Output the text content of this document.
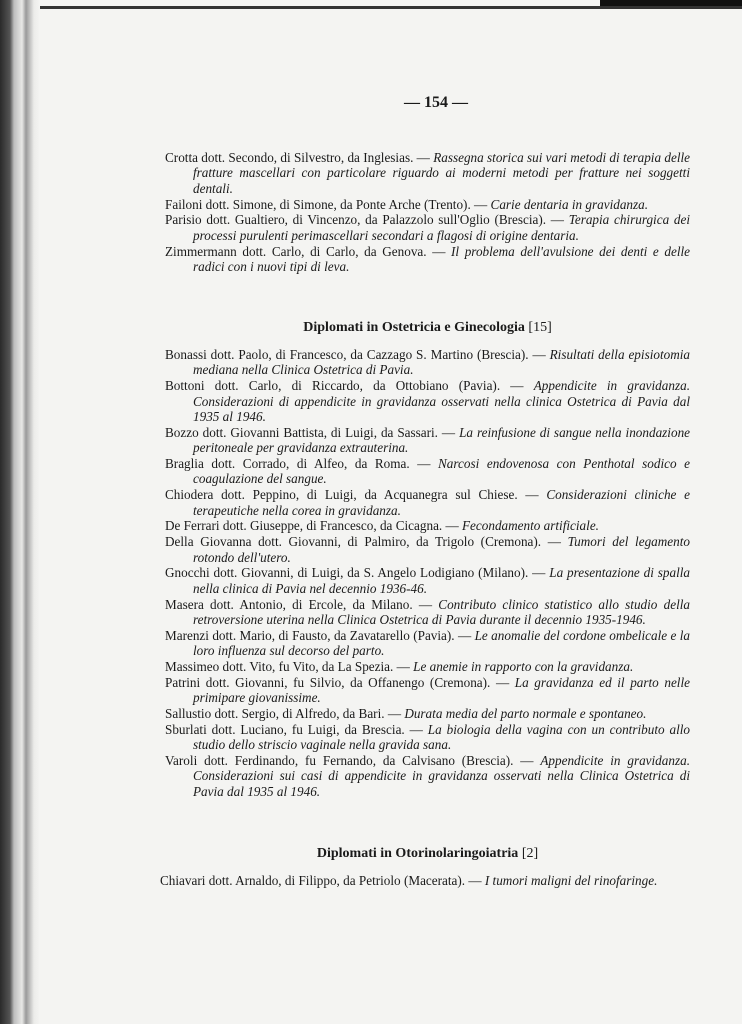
— 154 —
Crotta dott. Secondo, di Silvestro, da Inglesias. — Rassegna storica sui vari metodi di terapia delle fratture mascellari con particolare riguardo ai moderni metodi per fratture nei soggetti dentali.
Failoni dott. Simone, di Simone, da Ponte Arche (Trento). — Carie dentaria in gravidanza.
Parisio dott. Gualtiero, di Vincenzo, da Palazzolo sull'Oglio (Brescia). — Terapia chirurgica dei processi purulenti perimascellari secondari a flagosi di origine dentaria.
Zimmermann dott. Carlo, di Carlo, da Genova. — Il problema dell'avulsione dei denti e delle radici con i nuovi tipi di leva.
Diplomati in Ostetricia e Ginecologia [15]
Bonassi dott. Paolo, di Francesco, da Cazzago S. Martino (Brescia). — Risultati della episiotomia mediana nella Clinica Ostetrica di Pavia.
Bottoni dott. Carlo, di Riccardo, da Ottobiano (Pavia). — Appendicite in gravidanza. Considerazioni di appendicite in gravidanza osservati nella clinica Ostetrica di Pavia dal 1935 al 1946.
Bozzo dott. Giovanni Battista, di Luigi, da Sassari. — La reinfusione di sangue nella inondazione peritoneale per gravidanza extrauterina.
Braglia dott. Corrado, di Alfeo, da Roma. — Narcosi endovenosa con Penthotal sodico e coagulazione del sangue.
Chiodera dott. Peppino, di Luigi, da Acquanegra sul Chiese. — Considerazioni cliniche e terapeutiche nella corea in gravidanza.
De Ferrari dott. Giuseppe, di Francesco, da Cicagna. — Fecondamento artificiale.
Della Giovanna dott. Giovanni, di Palmiro, da Trigolo (Cremona). — Tumori del legamento rotondo dell'utero.
Gnocchi dott. Giovanni, di Luigi, da S. Angelo Lodigiano (Milano). — La presentazione di spalla nella clinica di Pavia nel decennio 1936-46.
Masera dott. Antonio, di Ercole, da Milano. — Contributo clinico statistico allo studio della retroversione uterina nella Clinica Ostetrica di Pavia durante il decennio 1935-1946.
Marenzi dott. Mario, di Fausto, da Zavatarello (Pavia). — Le anomalie del cordone ombelicale e la loro influenza sul decorso del parto.
Massimeo dott. Vito, fu Vito, da La Spezia. — Le anemie in rapporto con la gravidanza.
Patrini dott. Giovanni, fu Silvio, da Offanengo (Cremona). — La gravidanza ed il parto nelle primipare giovanissime.
Sallustio dott. Sergio, di Alfredo, da Bari. — Durata media del parto normale e spontaneo.
Sburlati dott. Luciano, fu Luigi, da Brescia. — La biologia della vagina con un contributo allo studio dello striscio vaginale nella gravida sana.
Varoli dott. Ferdinando, fu Fernando, da Calvisano (Brescia). — Appendicite in gravidanza. Considerazioni sui casi di appendicite in gravidanza osservati nella Clinica Ostetrica di Pavia dal 1935 al 1946.
Diplomati in Otorinolaringoiatria [2]
Chiavari dott. Arnaldo, di Filippo, da Petriolo (Macerata). — I tumori maligni del rinofaringe.
